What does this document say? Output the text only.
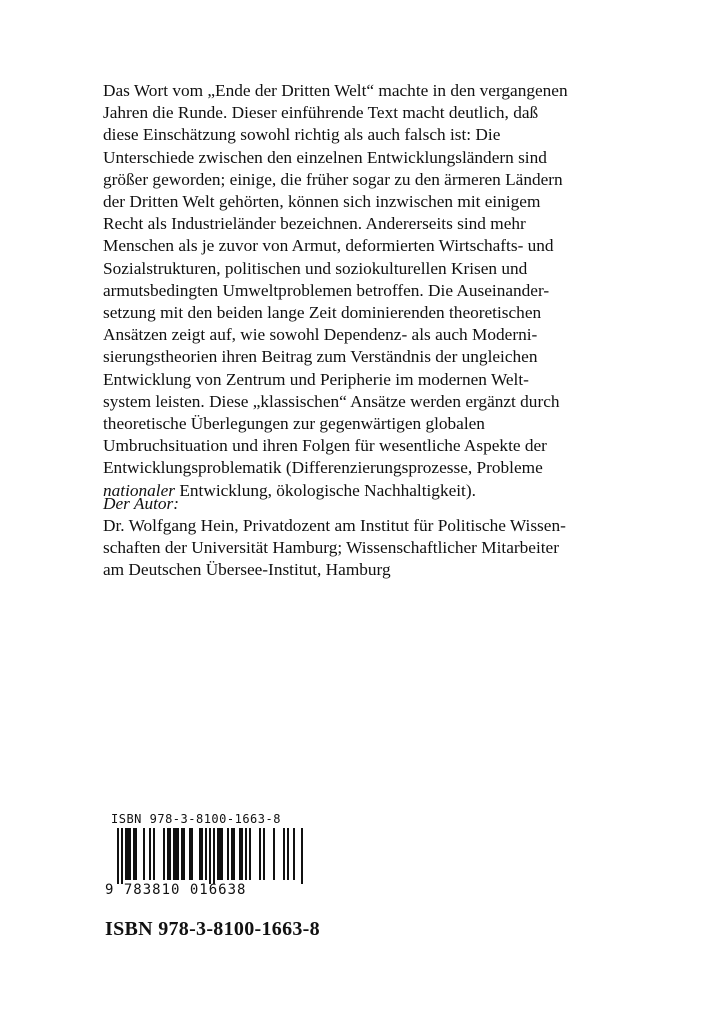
Das Wort vom „Ende der Dritten Welt“ machte in den vergangenen
Jahren die Runde. Dieser einführende Text macht deutlich, daß
diese Einschätzung sowohl richtig als auch falsch ist: Die
Unterschiede zwischen den einzelnen Entwicklungsländern sind
größer geworden; einige, die früher sogar zu den ärmeren Ländern
der Dritten Welt gehörten, können sich inzwischen mit einigem
Recht als Industrieländer bezeichnen. Andererseits sind mehr
Menschen als je zuvor von Armut, deformierten Wirtschafts- und
Sozialstrukturen, politischen und soziokulturellen Krisen und
armutsbedingten Umweltproblemen betroffen. Die Auseinander-
setzung mit den beiden lange Zeit dominierenden theoretischen
Ansätzen zeigt auf, wie sowohl Dependenz- als auch Moderni-
sierungstheorien ihren Beitrag zum Verständnis der ungleichen
Entwicklung von Zentrum und Peripherie im modernen Welt-
system leisten. Diese „klassischen“ Ansätze werden ergänzt durch
theoretische Überlegungen zur gegenwärtigen globalen
Umbruchsituation und ihren Folgen für wesentliche Aspekte der
Entwicklungsproblematik (Differenzierungsprozesse, Probleme
nationaler Entwicklung, ökologische Nachhaltigkeit).

Der Autor:

Dr. Wolfgang Hein, Privatdozent am Institut für Politische Wissen-
schaften der Universität Hamburg; Wissenschaftlicher Mitarbeiter
am Deutschen Übersee-Institut, Hamburg
ISBN 978-3-8100-1663-8
9 783810 016638

ISBN 978-3-8100-1663-8
